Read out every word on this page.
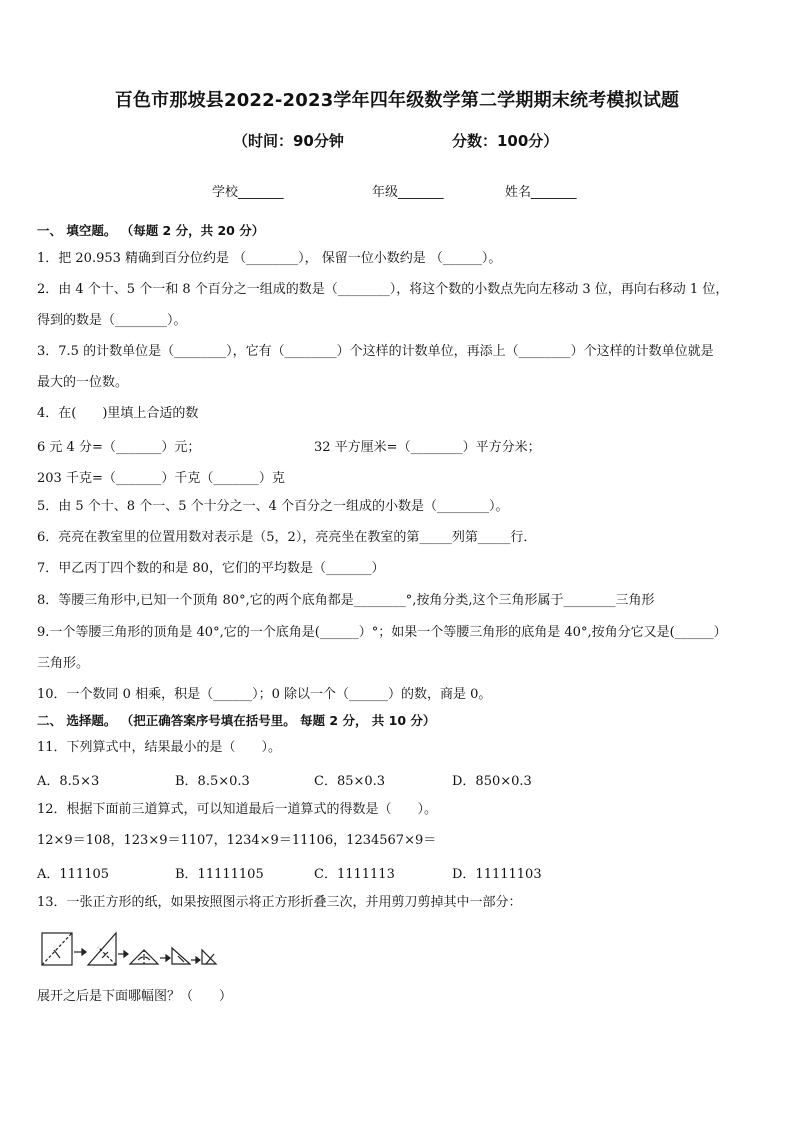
百色市那坡县2022-2023学年四年级数学第二学期期末统考模拟试题
（时间：90分钟	分数：100分）
学校_______	年级_______	姓名_______
一、 填空题。 （每题 2 分，共 20 分）
1．把 20.953 精确到百分位约是 （________）， 保留一位小数约是 （______）。
2．由 4 个十、5 个一和 8 个百分之一组成的数是（________），将这个数的小数点先向左移动 3 位，再向右移动 1 位，
得到的数是（________）。
3．7.5 的计数单位是（________），它有（________）个这样的计数单位，再添上（________）个这样的计数单位就是
最大的一位数。
4．在(　　)里填上合适的数
6 元 4 分=（_______）元；	32 平方厘米=（________）平方分米；
203 千克=（_______）千克（_______）克
5．由 5 个十、8 个一、5 个十分之一、4 个百分之一组成的小数是（________）。
6．亮亮在教室里的位置用数对表示是（5，2），亮亮坐在教室的第_____列第_____行．
7．甲乙丙丁四个数的和是 80，它们的平均数是（_______）
8．等腰三角形中,已知一个顶角 80°,它的两个底角都是________°,按角分类,这个三角形属于________三角形
9.一个等腰三角形的顶角是 40°,它的一个底角是(______）°；如果一个等腰三角形的底角是 40°,按角分它又是(______）
三角形。
10．一个数同 0 相乘，积是（______）；0 除以一个（______）的数，商是 0。
二、 选择题。 （把正确答案序号填在括号里。 每题 2 分， 共 10 分）
11．下列算式中，结果最小的是（　　）。
A．8.5×3	B．8.5×0.3	C．85×0.3	D．850×0.3
12．根据下面前三道算式，可以知道最后一道算式的得数是（　　）。
12×9＝108，123×9＝1107，1234×9＝11106，1234567×9＝
A．111105	B．11111105	C．1111113	D．11111103
13．一张正方形的纸，如果按照图示将正方形折叠三次，并用剪刀剪掉其中一部分：
展开之后是下面哪幅图？（　　）
